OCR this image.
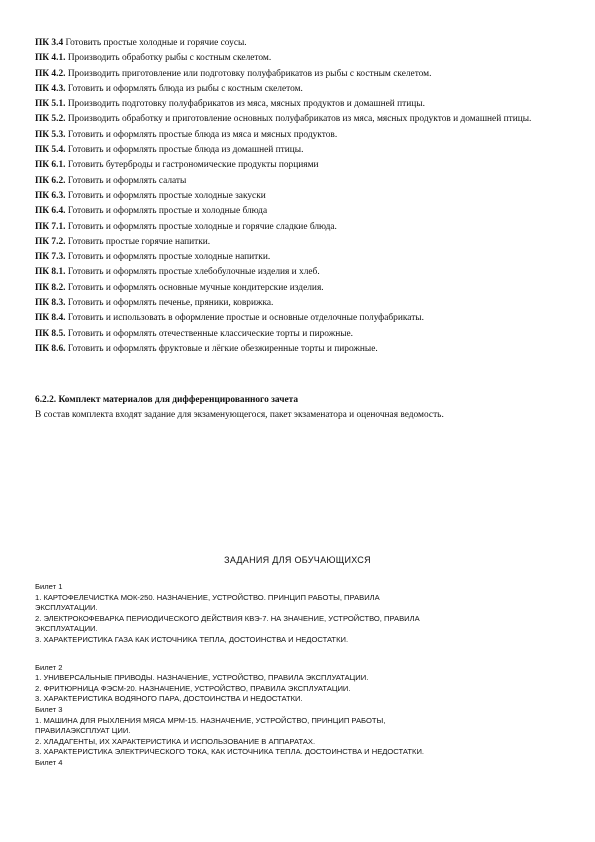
ПК 3.4 Готовить простые холодные и горячие соусы.
ПК 4.1. Производить обработку рыбы с костным скелетом.
ПК 4.2. Производить приготовление или подготовку полуфабрикатов из рыбы с костным скелетом.
ПК 4.3. Готовить и оформлять блюда из рыбы с костным скелетом.
ПК 5.1. Производить подготовку полуфабрикатов из мяса, мясных продуктов и домашней птицы.
ПК 5.2. Производить обработку и приготовление основных полуфабрикатов из мяса, мясных продуктов и домашней птицы.
ПК 5.3. Готовить и оформлять простые блюда из мяса и мясных продуктов.
ПК 5.4. Готовить и оформлять простые блюда из домашней птицы.
ПК 6.1. Готовить бутерброды и гастрономические продукты порциями
ПК 6.2. Готовить и оформлять салаты
ПК 6.3. Готовить и оформлять простые холодные закуски
ПК 6.4. Готовить и оформлять простые и холодные блюда
ПК 7.1. Готовить и оформлять простые холодные и горячие сладкие блюда.
ПК 7.2. Готовить простые горячие напитки.
ПК 7.3. Готовить и оформлять простые холодные напитки.
ПК 8.1. Готовить и оформлять простые хлебобулочные изделия и хлеб.
ПК 8.2. Готовить и оформлять основные мучные кондитерские изделия.
ПК 8.3. Готовить и оформлять печенье, пряники, коврижка.
ПК 8.4. Готовить и использовать в оформление простые и основные отделочные полуфабрикаты.
ПК 8.5. Готовить и оформлять отечественные классические торты и пирожные.
ПК 8.6. Готовить и оформлять фруктовые и лёгкие обезжиренные торты и пирожные.
6.2.2. Комплект материалов для дифференцированного зачета
В состав комплекта входят задание для экзаменующегося, пакет экзаменатора и оценочная ведомость.
ЗАДАНИЯ ДЛЯ ОБУЧАЮЩИХСЯ
Билет 1
1. КАРТОФЕЛЕЧИСТКА МОК-250. НАЗНАЧЕНИЕ, УСТРОЙСТВО. ПРИНЦИП РАБОТЫ, ПРАВИЛА
ЭКСПЛУАТАЦИИ.
2. ЭЛЕКТРОКОФЕВАРКА ПЕРИОДИЧЕСКОГО ДЕЙСТВИЯ КВЭ-7. НА ЗНАЧЕНИЕ, УСТРОЙСТВО, ПРАВИЛА
ЭКСПЛУАТАЦИИ.
3. ХАРАКТЕРИСТИКА ГАЗА КАК ИСТОЧНИКА ТЕПЛА, ДОСТОИНСТВА И НЕДОСТАТКИ.
Билет 2
1. УНИВЕРСАЛЬНЫЕ ПРИВОДЫ. НАЗНАЧЕНИЕ, УСТРОЙСТВО, ПРАВИЛА ЭКСПЛУАТАЦИИ.
2. ФРИТЮРНИЦА ФЭСМ-20. НАЗНАЧЕНИЕ, УСТРОЙСТВО, ПРАВИЛА ЭКСПЛУАТАЦИИ.
3. ХАРАКТЕРИСТИКА ВОДЯНОГО ПАРА, ДОСТОИНСТВА И НЕДОСТАТКИ.
Билет 3
1. МАШИНА ДЛЯ РЫХЛЕНИЯ МЯСА МРМ-15. НАЗНАЧЕНИЕ, УСТРОЙСТВО, ПРИНЦИП РАБОТЫ,
ПРАВИЛАЭКСПЛУАТ ЦИИ.
2. ХЛАДАГЕНТЫ, ИХ ХАРАКТЕРИСТИКА И ИСПОЛЬЗОВАНИЕ В АППАРАТАХ.
3. ХАРАКТЕРИСТИКА ЭЛЕКТРИЧЕСКОГО ТОКА, КАК ИСТОЧНИКА ТЕПЛА. ДОСТОИНСТВА И НЕДОСТАТКИ.
Билет 4
